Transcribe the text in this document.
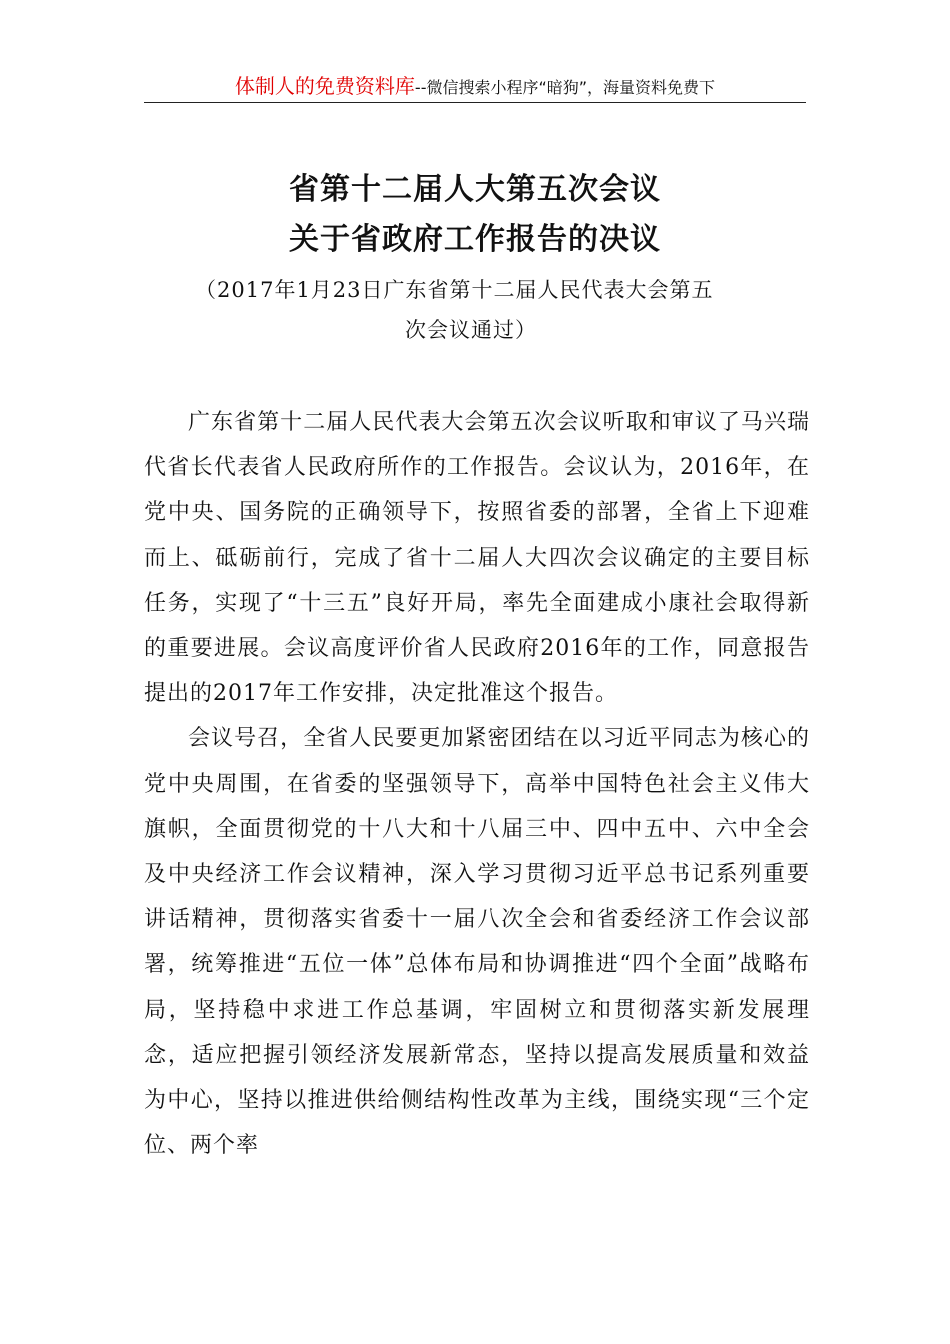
体制人的免费资料库--微信搜索小程序“暗狗”，海量资料免费下
省第十二届人大第五次会议
关于省政府工作报告的决议
（2017年1月23日广东省第十二届人民代表大会第五
次会议通过）

广东省第十二届人民代表大会第五次会议听取和审议了马兴瑞代省长代表省人民政府所作的工作报告。会议认为，2016年，在党中央、国务院的正确领导下，按照省委的部署，全省上下迎难而上、砥砺前行，完成了省十二届人大四次会议确定的主要目标任务，实现了“十三五”良好开局，率先全面建成小康社会取得新的重要进展。会议高度评价省人民政府2016年的工作，同意报告提出的2017年工作安排，决定批准这个报告。

会议号召，全省人民要更加紧密团结在以习近平同志为核心的党中央周围，在省委的坚强领导下，高举中国特色社会主义伟大旗帜，全面贯彻党的十八大和十八届三中、四中五中、六中全会及中央经济工作会议精神，深入学习贯彻习近平总书记系列重要讲话精神，贯彻落实省委十一届八次全会和省委经济工作会议部署，统筹推进“五位一体”总体布局和协调推进“四个全面”战略布局，坚持稳中求进工作总基调，牢固树立和贯彻落实新发展理念，适应把握引领经济发展新常态，坚持以提高发展质量和效益为中心，坚持以推进供给侧结构性改革为主线，围绕实现“三个定位、两个率
